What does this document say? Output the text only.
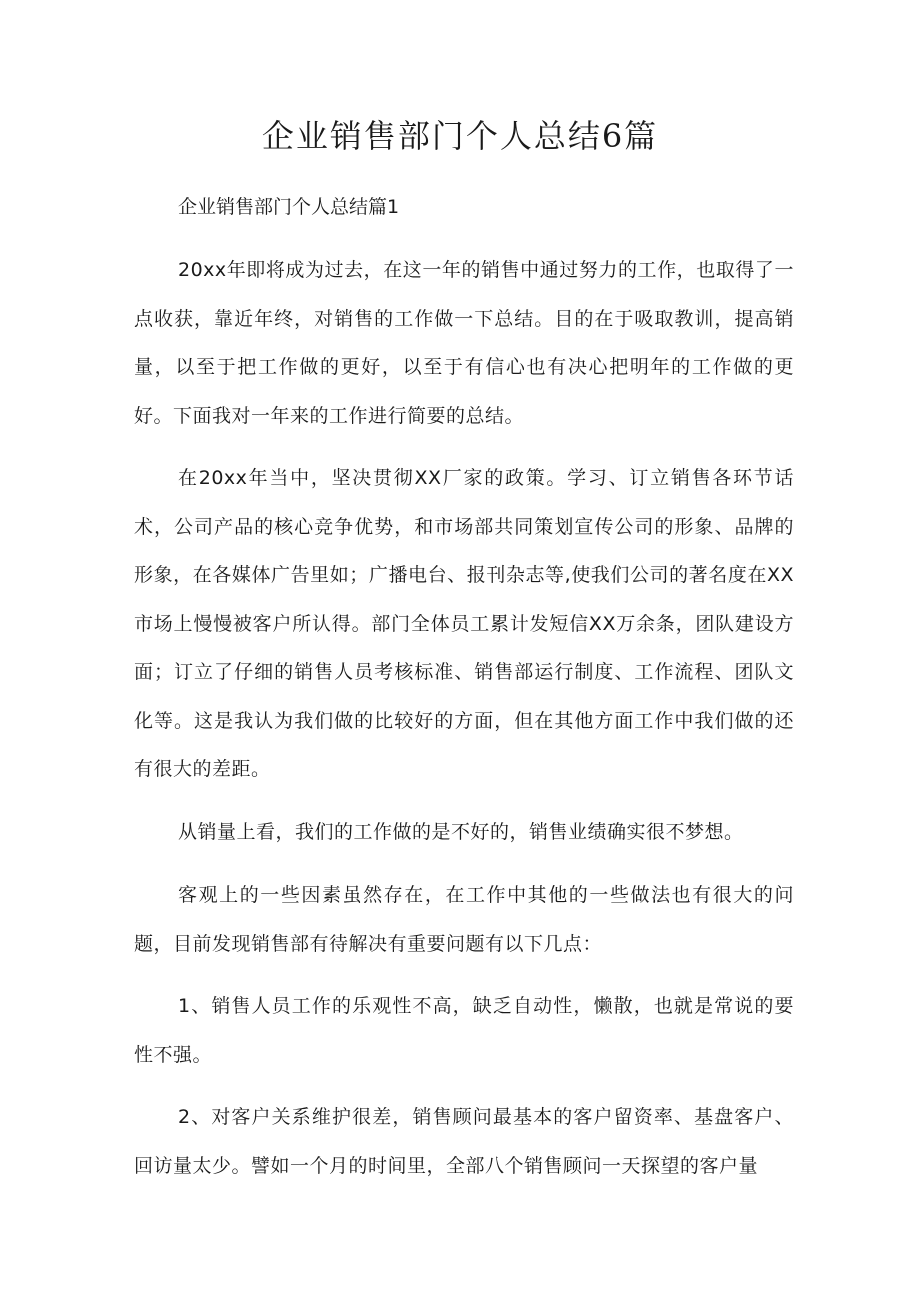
企业销售部门个人总结6篇

企业销售部门个人总结篇1

20xx年即将成为过去，在这一年的销售中通过努力的工作，也取得了一点收获，靠近年终，对销售的工作做一下总结。目的在于吸取教训，提高销量，以至于把工作做的更好，以至于有信心也有决心把明年的工作做的更好。下面我对一年来的工作进行简要的总结。

在20xx年当中，坚决贯彻XX厂家的政策。学习、订立销售各环节话术，公司产品的核心竞争优势，和市场部共同策划宣传公司的形象、品牌的形象，在各媒体广告里如；广播电台、报刊杂志等,使我们公司的著名度在XX市场上慢慢被客户所认得。部门全体员工累计发短信XX万余条，团队建设方面；订立了仔细的销售人员考核标准、销售部运行制度、工作流程、团队文化等。这是我认为我们做的比较好的方面，但在其他方面工作中我们做的还有很大的差距。

从销量上看，我们的工作做的是不好的，销售业绩确实很不梦想。

客观上的一些因素虽然存在，在工作中其他的一些做法也有很大的问题，目前发现销售部有待解决有重要问题有以下几点：

1、销售人员工作的乐观性不高，缺乏自动性，懒散，也就是常说的要性不强。

2、对客户关系维护很差，销售顾问最基本的客户留资率、基盘客户、回访量太少。譬如一个月的时间里，全部八个销售顾问一天探望的客户量
